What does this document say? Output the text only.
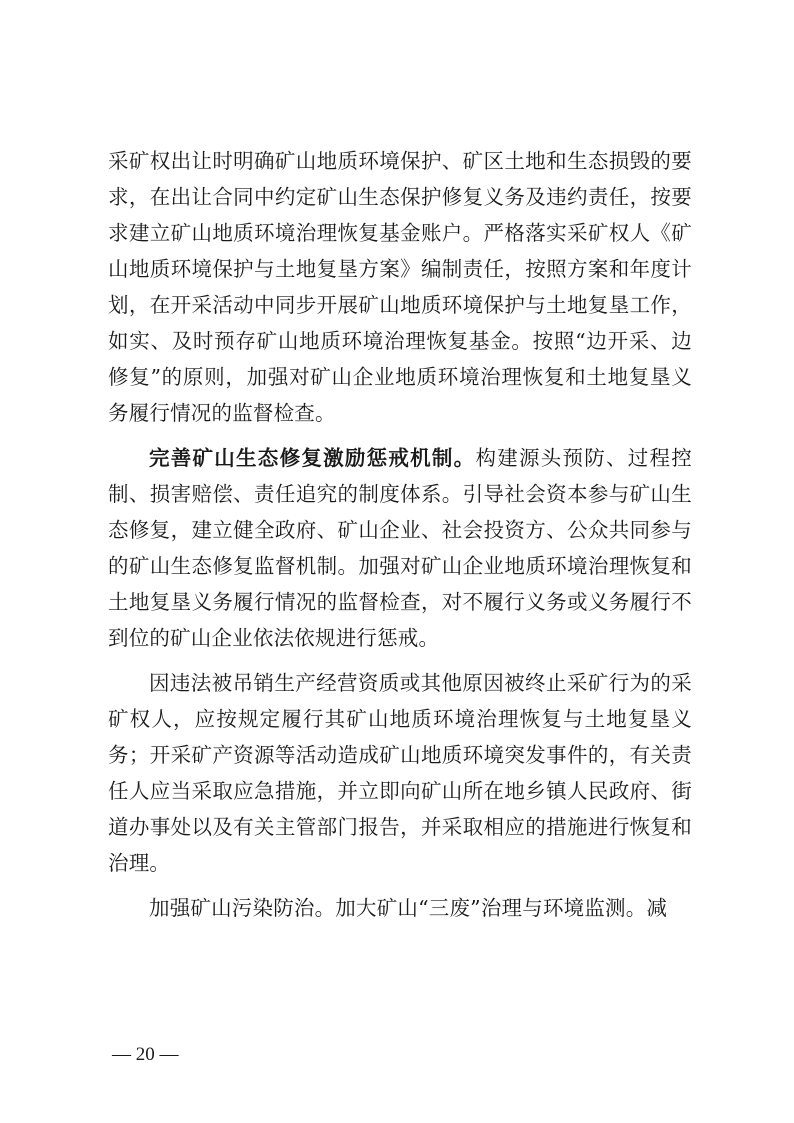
采矿权出让时明确矿山地质环境保护、矿区土地和生态损毁的要求，在出让合同中约定矿山生态保护修复义务及违约责任，按要求建立矿山地质环境治理恢复基金账户。严格落实采矿权人《矿山地质环境保护与土地复垦方案》编制责任，按照方案和年度计划，在开采活动中同步开展矿山地质环境保护与土地复垦工作，如实、及时预存矿山地质环境治理恢复基金。按照“边开采、边修复”的原则，加强对矿山企业地质环境治理恢复和土地复垦义务履行情况的监督检查。

完善矿山生态修复激励惩戒机制。构建源头预防、过程控制、损害赔偿、责任追究的制度体系。引导社会资本参与矿山生态修复，建立健全政府、矿山企业、社会投资方、公众共同参与的矿山生态修复监督机制。加强对矿山企业地质环境治理恢复和土地复垦义务履行情况的监督检查，对不履行义务或义务履行不到位的矿山企业依法依规进行惩戒。

因违法被吊销生产经营资质或其他原因被终止采矿行为的采矿权人，应按规定履行其矿山地质环境治理恢复与土地复垦义务；开采矿产资源等活动造成矿山地质环境突发事件的，有关责任人应当采取应急措施，并立即向矿山所在地乡镇人民政府、街道办事处以及有关主管部门报告，并采取相应的措施进行恢复和治理。

加强矿山污染防治。加大矿山“三废”治理与环境监测。减

— 20 —
